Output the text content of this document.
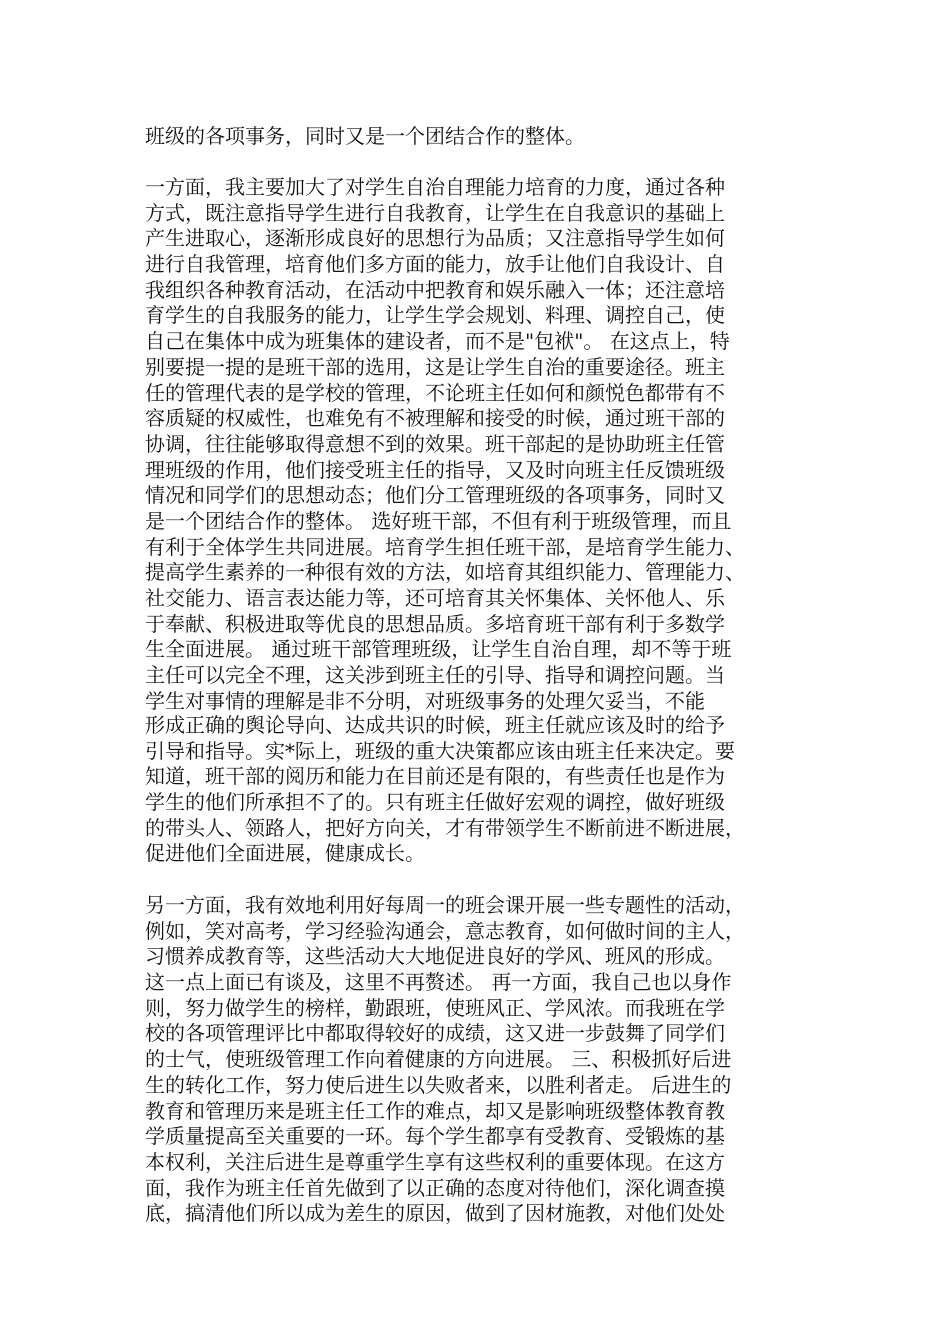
班级的各项事务，同时又是一个团结合作的整体。
一方面，我主要加大了对学生自治自理能力培育的力度，通过各种
方式，既注意指导学生进行自我教育，让学生在自我意识的基础上
产生进取心，逐渐形成良好的思想行为品质；又注意指导学生如何
进行自我管理，培育他们多方面的能力，放手让他们自我设计、自
我组织各种教育活动，在活动中把教育和娱乐融入一体；还注意培
育学生的自我服务的能力，让学生学会规划、料理、调控自己，使
自己在集体中成为班集体的建设者，而不是"包袱"。 在这点上，特
别要提一提的是班干部的选用，这是让学生自治的重要途径。班主
任的管理代表的是学校的管理，不论班主任如何和颜悦色都带有不
容质疑的权威性，也难免有不被理解和接受的时候，通过班干部的
协调，往往能够取得意想不到的效果。班干部起的是协助班主任管
理班级的作用，他们接受班主任的指导，又及时向班主任反馈班级
情况和同学们的思想动态；他们分工管理班级的各项事务，同时又
是一个团结合作的整体。 选好班干部，不但有利于班级管理，而且
有利于全体学生共同进展。培育学生担任班干部，是培育学生能力、
提高学生素养的一种很有效的方法，如培育其组织能力、管理能力、
社交能力、语言表达能力等，还可培育其关怀集体、关怀他人、乐
于奉献、积极进取等优良的思想品质。多培育班干部有利于多数学
生全面进展。 通过班干部管理班级，让学生自治自理，却不等于班
主任可以完全不理，这关涉到班主任的引导、指导和调控问题。当
学生对事情的理解是非不分明，对班级事务的处理欠妥当，不能
形成正确的舆论导向、达成共识的时候，班主任就应该及时的给予
引导和指导。实*际上，班级的重大决策都应该由班主任来决定。要
知道，班干部的阅历和能力在目前还是有限的，有些责任也是作为
学生的他们所承担不了的。只有班主任做好宏观的调控，做好班级
的带头人、领路人，把好方向关，才有带领学生不断前进不断进展，
促进他们全面进展，健康成长。
另一方面，我有效地利用好每周一的班会课开展一些专题性的活动，
例如，笑对高考，学习经验沟通会，意志教育，如何做时间的主人，
习惯养成教育等，这些活动大大地促进良好的学风、班风的形成。
这一点上面已有谈及，这里不再赘述。 再一方面，我自己也以身作
则，努力做学生的榜样，勤跟班，使班风正、学风浓。而我班在学
校的各项管理评比中都取得较好的成绩，这又进一步鼓舞了同学们
的士气，使班级管理工作向着健康的方向进展。 三、积极抓好后进
生的转化工作，努力使后进生以失败者来，以胜利者走。 后进生的
教育和管理历来是班主任工作的难点，却又是影响班级整体教育教
学质量提高至关重要的一环。每个学生都享有受教育、受锻炼的基
本权利，关注后进生是尊重学生享有这些权利的重要体现。在这方
面，我作为班主任首先做到了以正确的态度对待他们，深化调查摸
底，搞清他们所以成为差生的原因，做到了因材施教，对他们处处
